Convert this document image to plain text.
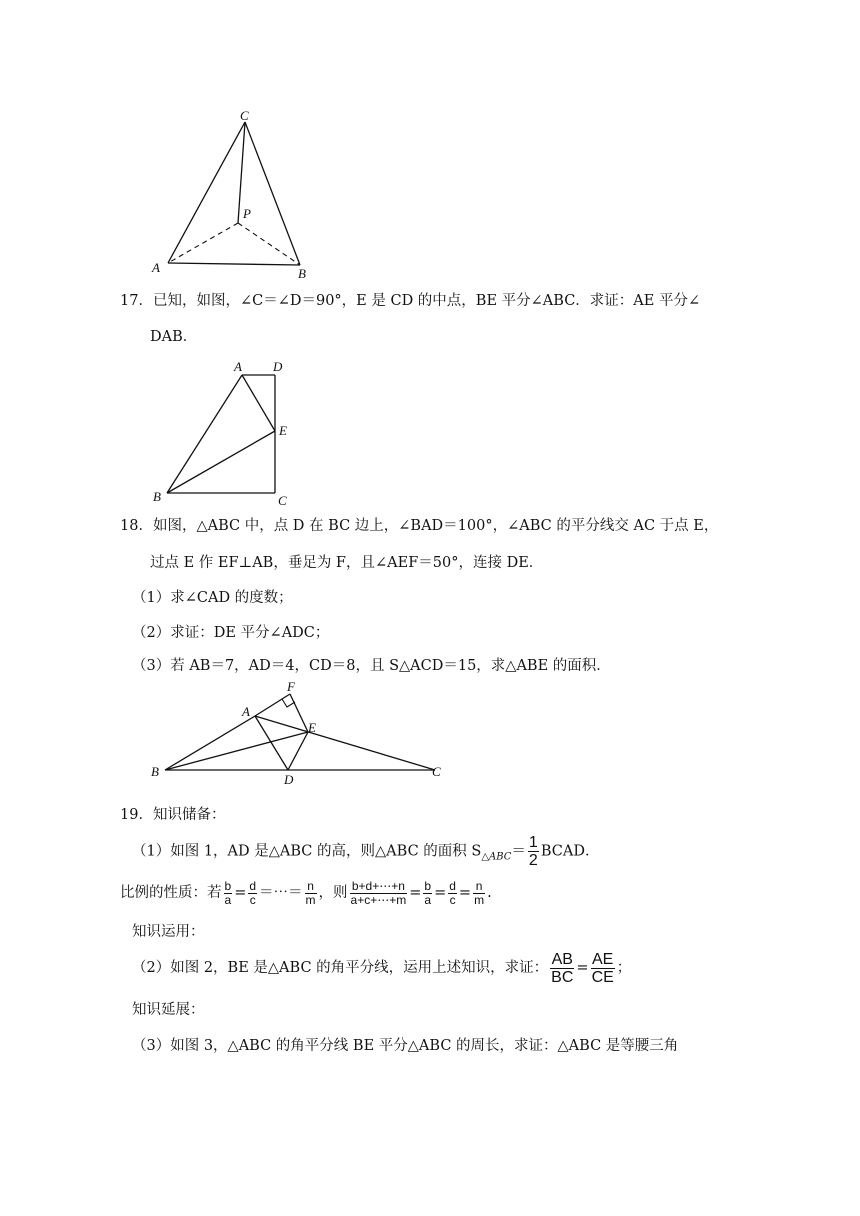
C
P
A	B
17．已知，如图，∠C＝∠D＝90°，E 是 CD 的中点，BE 平分∠ABC．求证：AE 平分∠
DAB．
A D
E
B	C
18．如图，△ABC 中，点 D 在 BC 边上，∠BAD＝100°，∠ABC 的平分线交 AC 于点 E，
过点 E 作 EF⊥AB，垂足为 F，且∠AEF＝50°，连接 DE．
（1）求∠CAD 的度数；
（2）求证：DE 平分∠ADC；
（3）若 AB＝7，AD＝4，CD＝8，且 S△ACD＝15，求△ABE 的面积．
F
A
E
B
D
C
19．知识储备：
（1）如图 1，AD 是△ABC 的高，则△ABC 的面积 $S_{\triangle ABC}= \frac{1}{2}$ BCAD．
比例的性质：若 $\frac{b}{a} = \frac{d}{c}$ ＝⋯＝ $\frac{n}{m}$ ，则 $\frac{b+d+\cdots+n}{a+c+\cdots+m} = \frac{b}{a} = \frac{d}{c} = \frac{n}{m}$ .
知识运用：
（2）如图 2，BE 是△ABC 的角平分线，运用上述知识，求证： $\frac{AB}{BC} = \frac{AE}{CE}$ ；
知识延展：
（3）如图 3，△ABC 的角平分线 BE 平分△ABC 的周长，求证：△ABC 是等腰三角
